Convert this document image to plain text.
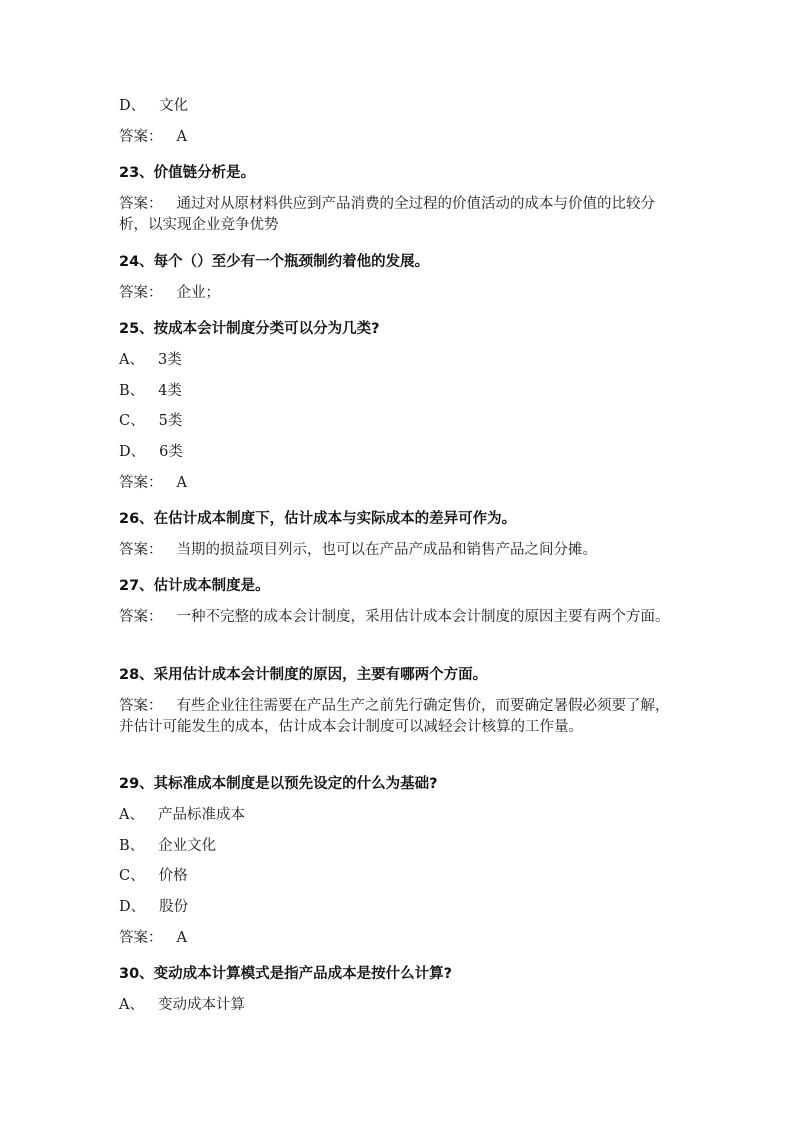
D、 文化
答案： A
23、价值链分析是。
答案： 通过对从原材料供应到产品消费的全过程的价值活动的成本与价值的比较分析，以实现企业竞争优势
24、每个（）至少有一个瓶颈制约着他的发展。
答案： 企业；
25、按成本会计制度分类可以分为几类?
A、 3类
B、 4类
C、 5类
D、 6类
答案： A
26、在估计成本制度下，估计成本与实际成本的差异可作为。
答案： 当期的损益项目列示，也可以在产品产成品和销售产品之间分摊。
27、估计成本制度是。
答案： 一种不完整的成本会计制度，采用估计成本会计制度的原因主要有两个方面。
28、采用估计成本会计制度的原因，主要有哪两个方面。
答案： 有些企业往往需要在产品生产之前先行确定售价，而要确定暑假必须要了解，并估计可能发生的成本，估计成本会计制度可以减轻会计核算的工作量。
29、其标准成本制度是以预先设定的什么为基础?
A、 产品标准成本
B、 企业文化
C、 价格
D、 股份
答案： A
30、变动成本计算模式是指产品成本是按什么计算?
A、 变动成本计算
